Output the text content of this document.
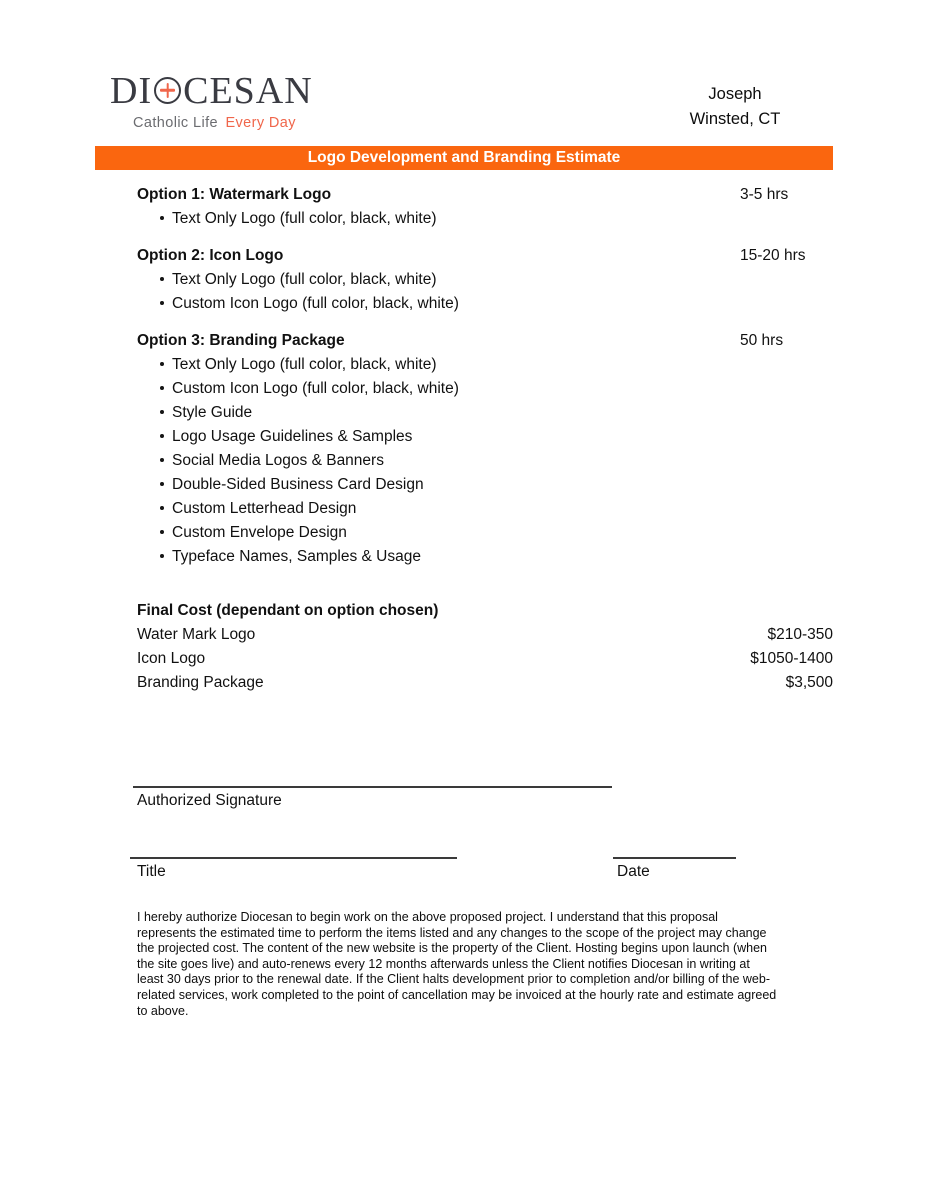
DI CESAN
Catholic Life Every Day
Joseph
Winsted, CT
Logo Development and Branding Estimate
Option 1: Watermark Logo	3-5 hrs
Text Only Logo (full color, black, white)
Option 2: Icon Logo	15-20 hrs
Text Only Logo (full color, black, white)
Custom Icon Logo (full color, black, white)
Option 3: Branding Package	50 hrs
Text Only Logo (full color, black, white)
Custom Icon Logo (full color, black, white)
Style Guide
Logo Usage Guidelines & Samples
Social Media Logos & Banners
Double-Sided Business Card Design
Custom Letterhead Design
Custom Envelope Design
Typeface Names, Samples & Usage
Final Cost (dependant on option chosen)
Water Mark Logo	$210-350
Icon Logo	$1050-1400
Branding Package	$3,500
Authorized Signature
Title	Date
I hereby authorize Diocesan to begin work on the above proposed project. I understand that this proposal represents the estimated time to perform the items listed and any changes to the scope of the project may change the projected cost. The content of the new website is the property of the Client. Hosting begins upon launch (when the site goes live) and auto-renews every 12 months afterwards unless the Client notifies Diocesan in writing at least 30 days prior to the renewal date. If the Client halts development prior to completion and/or billing of the web-related services, work completed to the point of cancellation may be invoiced at the hourly rate and estimate agreed to above.
